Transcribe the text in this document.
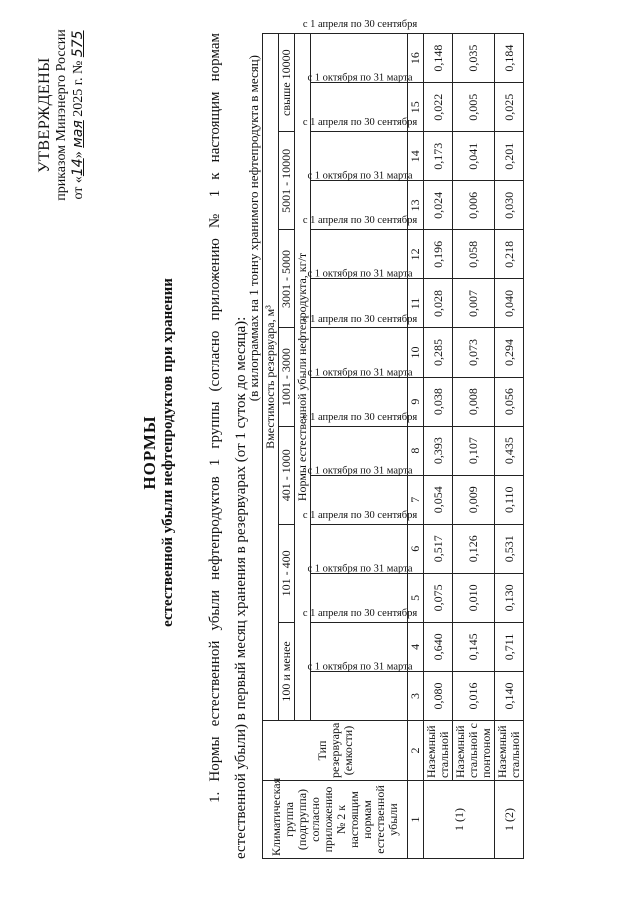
УТВЕРЖДЕНЫ приказом Минэнерго России от «14» мая 2025 г. № 575
НОРМЫ естественной убыли нефтепродуктов при хранении	1. Нормы естественной убыли нефтепродуктов 1 группы (согласно приложению № 1 к настоящим нормам естественной убыли) в первый месяц хранения в резервуарах (от 1 суток до месяца):
(в килограммах на 1 тонну хранимого нефтепродукта в месяц)
Климатическая группа (подгруппа) согласно приложению № 2 к настоящим нормам естественной убыли	Тип резервуара (емкости)	Вместимость резервуара, м³													
		100 и менее		101 - 400		401 - 1000		1001 - 3000		3001 - 5000		5001 - 10000		свыше 10000	
		Нормы естественной убыли нефтепродукта, кг/т													
		с 1 октября по 31 марта	с 1 апреля по 30 сентября	с 1 октября по 31 марта	с 1 апреля по 30 сентября	с 1 октября по 31 марта	с 1 апреля по 30 сентября	с 1 октября по 31 марта	с 1 апреля по 30 сентября	с 1 октября по 31 марта	с 1 апреля по 30 сентября	с 1 октября по 31 марта	с 1 апреля по 30 сентября	с 1 октября по 31 марта	с 1 апреля по 30 сентября
1	2	3	4	5	6	7	8	9	10	11	12	13	14	15	16
1 (1)	Наземный стальной	0,080	0,640	0,075	0,517	0,054	0,393	0,038	0,285	0,028	0,196	0,024	0,173	0,022	0,148
	Наземный стальной с понтоном	0,016	0,145	0,010	0,126	0,009	0,107	0,008	0,073	0,007	0,058	0,006	0,041	0,005	0,035
1 (2)	Наземный стальной	0,140	0,711	0,130	0,531	0,110	0,435	0,056	0,294	0,040	0,218	0,030	0,201	0,025	0,184
